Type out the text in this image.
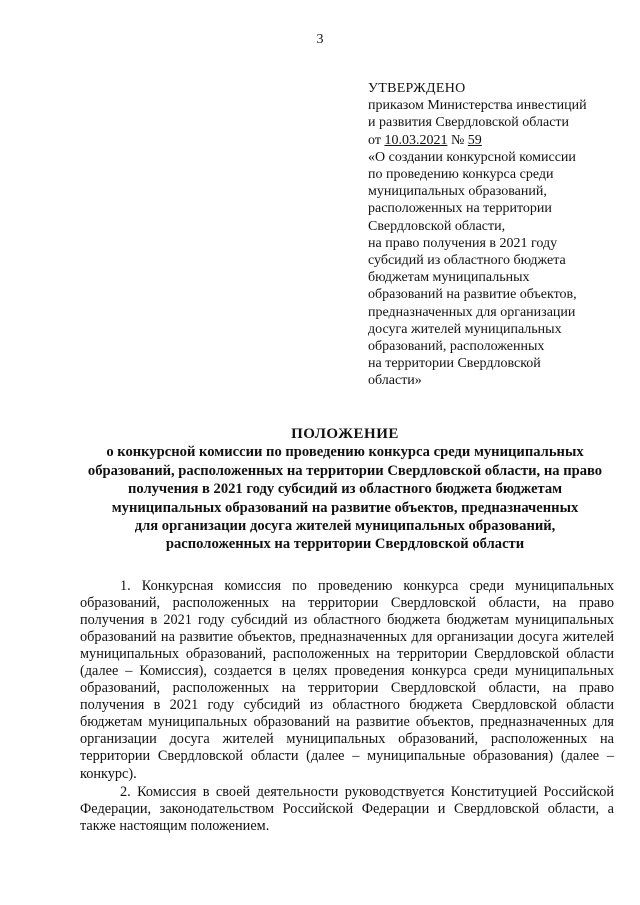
3
УТВЕРЖДЕНО
приказом Министерства инвестиций
и развития Свердловской области
от 10.03.2021 № 59
«О создании конкурсной комиссии
по проведению конкурса среди
муниципальных образований,
расположенных на территории
Свердловской области,
на право получения в 2021 году
субсидий из областного бюджета
бюджетам муниципальных
образований на развитие объектов,
предназначенных для организации
досуга жителей муниципальных
образований, расположенных
на территории Свердловской
области»
ПОЛОЖЕНИЕ
о конкурсной комиссии по проведению конкурса среди муниципальных
образований, расположенных на территории Свердловской области, на право
получения в 2021 году субсидий из областного бюджета бюджетам
муниципальных образований на развитие объектов, предназначенных
для организации досуга жителей муниципальных образований,
расположенных на территории Свердловской области

1. Конкурсная комиссия по проведению конкурса среди муниципальных образований, расположенных на территории Свердловской области, на право получения в 2021 году субсидий из областного бюджета бюджетам муниципальных образований на развитие объектов, предназначенных для организации досуга жителей муниципальных образований, расположенных на территории Свердловской области (далее – Комиссия), создается в целях проведения конкурса среди муниципальных образований, расположенных на территории Свердловской области, на право получения в 2021 году субсидий из областного бюджета Свердловской области бюджетам муниципальных образований на развитие объектов, предназначенных для организации досуга жителей муниципальных образований, расположенных на территории Свердловской области (далее – муниципальные образования) (далее – конкурс).

2. Комиссия в своей деятельности руководствуется Конституцией Российской Федерации, законодательством Российской Федерации и Свердловской области, а также настоящим положением.
